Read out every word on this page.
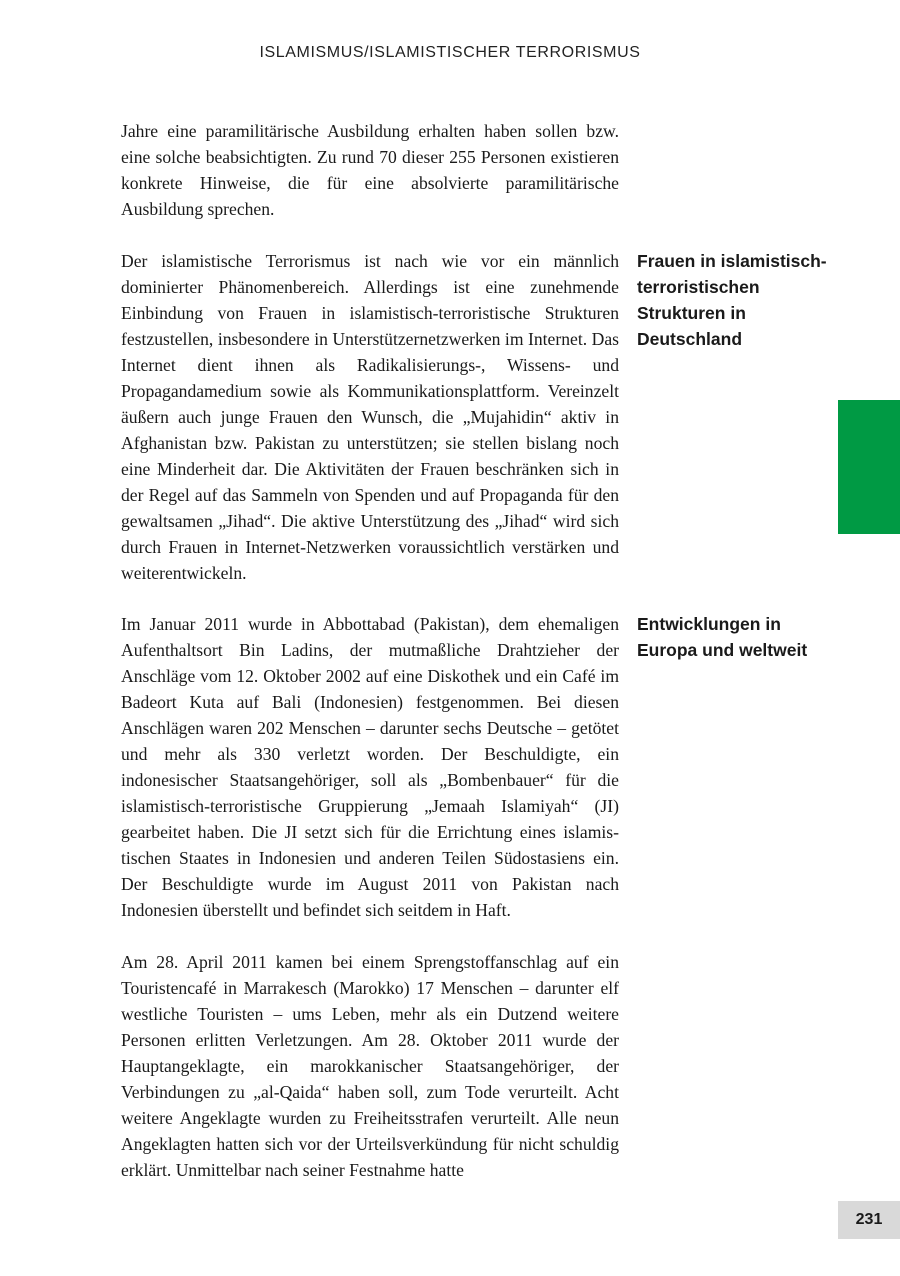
ISLAMISMUS/ISLAMISTISCHER TERRORISMUS

Jahre eine paramilitärische Ausbildung erhalten haben sollen bzw. eine solche beabsichtigten. Zu rund 70 dieser 255 Personen existieren konkrete Hinweise, die für eine absolvierte paramilitärische Ausbildung sprechen.

Der islamistische Terrorismus ist nach wie vor ein männlich dominierter Phänomenbereich. Allerdings ist eine zunehmende Einbindung von Frauen in islamistisch-terroristische Strukturen festzustellen, insbesondere in Unterstützernetzwerken im Internet. Das Internet dient ihnen als Radikalisierungs-, Wissens- und Propagandamedium sowie als Kommunikationsplattform. Vereinzelt äußern auch junge Frauen den Wunsch, die „Mujahidin“ aktiv in Afghanistan bzw. Pakistan zu unterstützen; sie stellen bislang noch eine Minderheit dar. Die Aktivitäten der Frauen beschränken sich in der Regel auf das Sammeln von Spenden und auf Propaganda für den gewaltsamen „Jihad“. Die aktive Unterstützung des „Jihad“ wird sich durch Frauen in Internet-Netzwerken voraussichtlich verstärken und weiterentwickeln.

Im Januar 2011 wurde in Abbottabad (Pakistan), dem ehemaligen Aufenthaltsort Bin Ladins, der mutmaßliche Drahtzieher der Anschläge vom 12. Oktober 2002 auf eine Diskothek und ein Café im Badeort Kuta auf Bali (Indonesien) festgenommen. Bei diesen Anschlägen waren 202 Menschen – darunter sechs Deutsche – getötet und mehr als 330 verletzt worden. Der Beschuldigte, ein indonesischer Staatsangehöriger, soll als „Bombenbauer“ für die islamistisch-terroristische Gruppierung „Jemaah Islamiyah“ (JI) gearbeitet haben. Die JI setzt sich für die Errichtung eines islamistischen Staates in Indonesien und anderen Teilen Südostasiens ein. Der Beschuldigte wurde im August 2011 von Pakistan nach Indonesien überstellt und befindet sich seitdem in Haft.

Am 28. April 2011 kamen bei einem Sprengstoffanschlag auf ein Touristencafé in Marrakesch (Marokko) 17 Menschen – darunter elf westliche Touristen – ums Leben, mehr als ein Dutzend weitere Personen erlitten Verletzungen. Am 28. Oktober 2011 wurde der Hauptangeklagte, ein marokkanischer Staatsangehöriger, der Verbindungen zu „al-Qaida“ haben soll, zum Tode verurteilt. Acht weitere Angeklagte wurden zu Freiheitsstrafen verurteilt. Alle neun Angeklagten hatten sich vor der Urteilsverkündung für nicht schuldig erklärt. Unmittelbar nach seiner Festnahme hatte

Frauen in islamistisch-terroristischen Strukturen in Deutschland
Entwicklungen in Europa und weltweit
231
